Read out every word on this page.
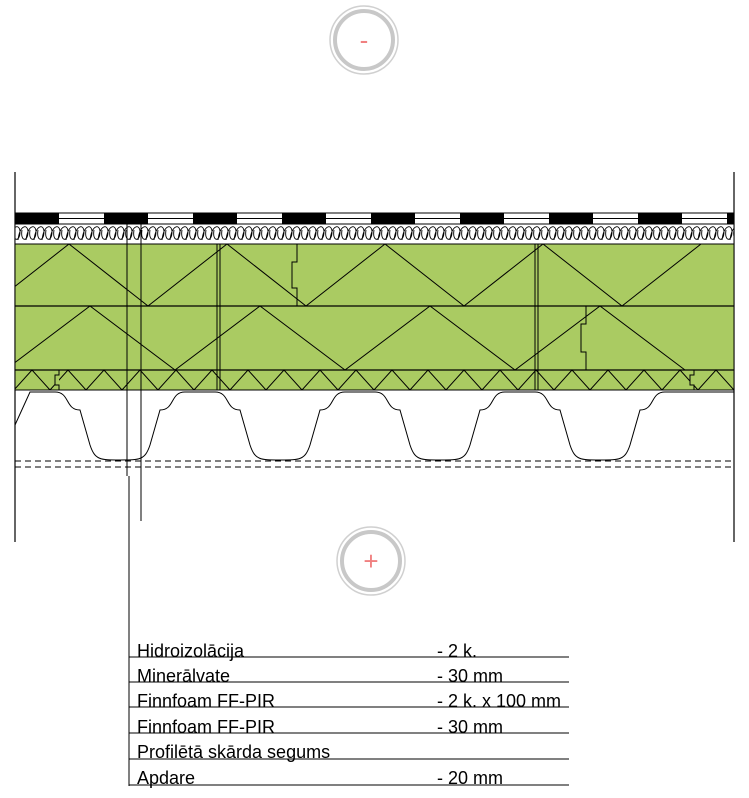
-
+
Hidroizolācija	- 2 k.
Minerālvate	- 30 mm
Finnfoam FF-PIR	- 2 k. x 100 mm
Finnfoam FF-PIR	- 30 mm
Profilētā skārda segums
Apdare	- 20 mm
